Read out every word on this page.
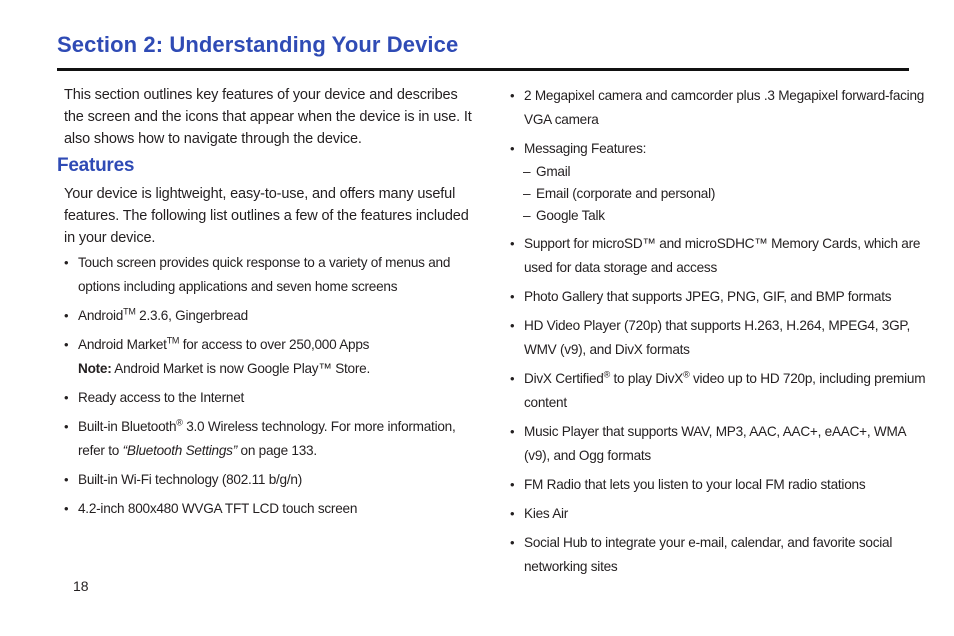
Section 2: Understanding Your Device

This section outlines key features of your device and describes the screen and the icons that appear when the device is in use. It also shows how to navigate through the device.

Features

Your device is lightweight, easy-to-use, and offers many useful features. The following list outlines a few of the features included in your device.

• Touch screen provides quick response to a variety of menus and options including applications and seven home screens
• Android™ 2.3.6, Gingerbread
• Android Market™ for access to over 250,000 Apps
Note: Android Market is now Google Play™ Store.
• Ready access to the Internet
• Built-in Bluetooth® 3.0 Wireless technology. For more information, refer to “Bluetooth Settings” on page 133.
• Built-in Wi-Fi technology (802.11 b/g/n)
• 4.2-inch 800x480 WVGA TFT LCD touch screen
• 2 Megapixel camera and camcorder plus .3 Megapixel forward-facing VGA camera
• Messaging Features:
– Gmail
– Email (corporate and personal)
– Google Talk
• Support for microSD™ and microSDHC™ Memory Cards, which are used for data storage and access
• Photo Gallery that supports JPEG, PNG, GIF, and BMP formats
• HD Video Player (720p) that supports H.263, H.264, MPEG4, 3GP, WMV (v9), and DivX formats
• DivX Certified® to play DivX® video up to HD 720p, including premium content
• Music Player that supports WAV, MP3, AAC, AAC+, eAAC+, WMA (v9), and Ogg formats
• FM Radio that lets you listen to your local FM radio stations
• Kies Air
• Social Hub to integrate your e-mail, calendar, and favorite social networking sites
18
